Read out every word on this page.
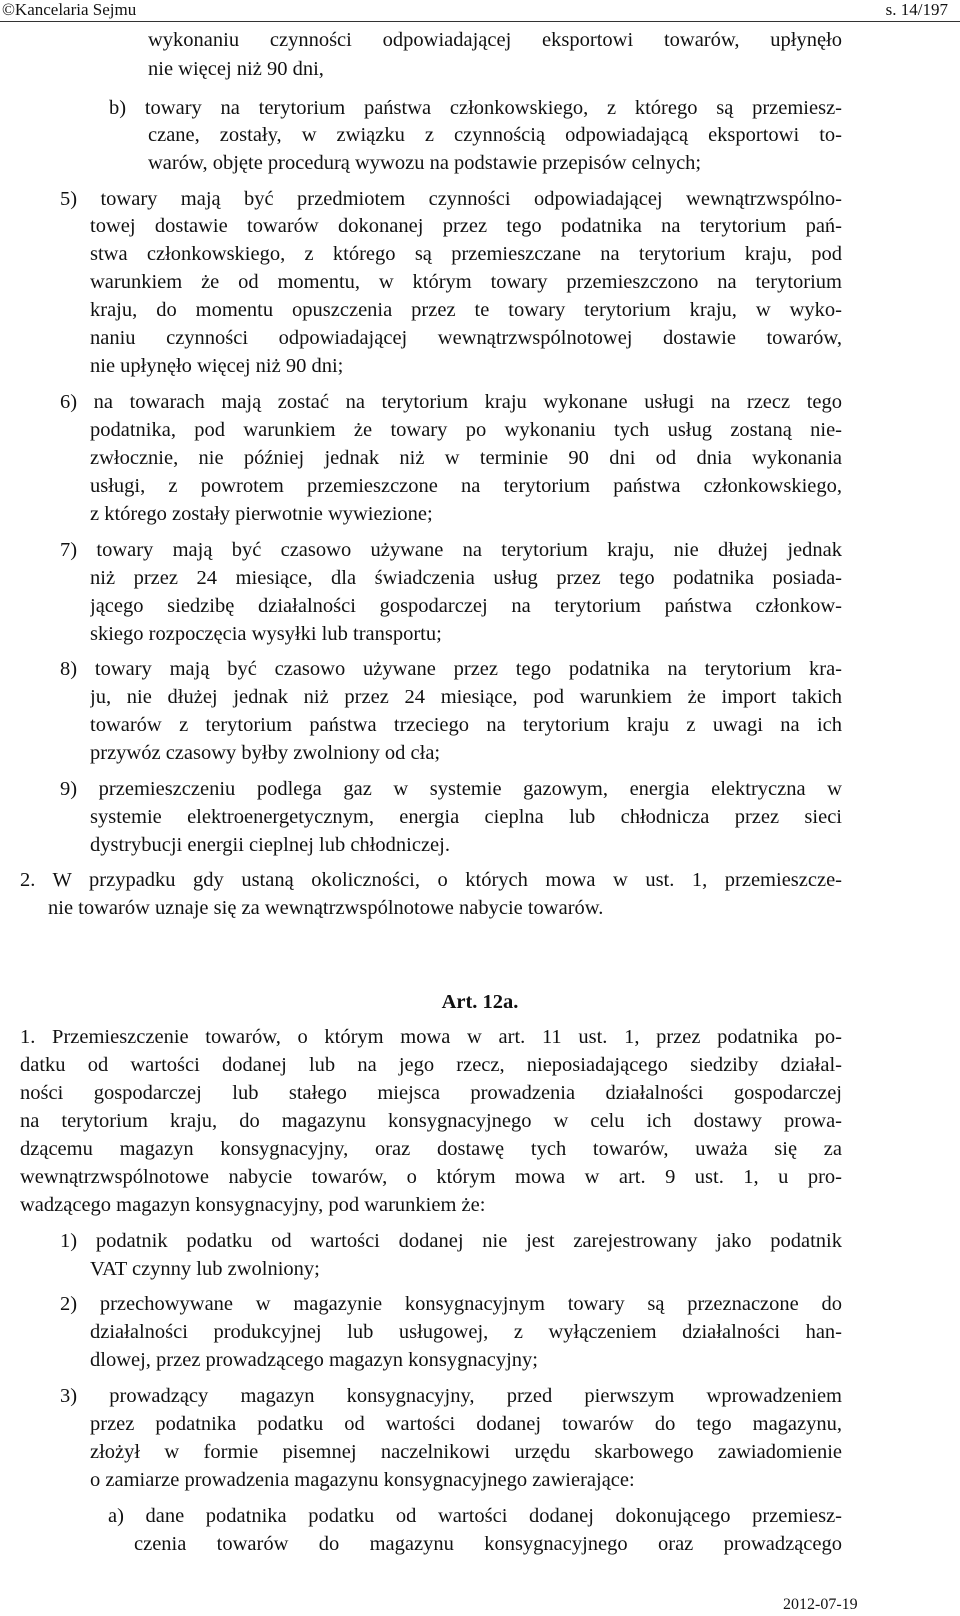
©Kancelaria Sejmu	s. 14/197
wykonaniu czynności odpowiadającej eksportowi towarów, upłynęło
nie więcej niż 90 dni,
b) towary na terytorium państwa członkowskiego, z którego są przemiesz-
czane, zostały, w związku z czynnością odpowiadającą eksportowi to-
warów, objęte procedurą wywozu na podstawie przepisów celnych;
5) towary mają być przedmiotem czynności odpowiadającej wewnątrzwspólno-
towej dostawie towarów dokonanej przez tego podatnika na terytorium pań-
stwa członkowskiego, z którego są przemieszczane na terytorium kraju, pod
warunkiem że od momentu, w którym towary przemieszczono na terytorium
kraju, do momentu opuszczenia przez te towary terytorium kraju, w wyko-
naniu czynności odpowiadającej wewnątrzwspólnotowej dostawie towarów,
nie upłynęło więcej niż 90 dni;
6) na towarach mają zostać na terytorium kraju wykonane usługi na rzecz tego
podatnika, pod warunkiem że towary po wykonaniu tych usług zostaną nie-
zwłocznie, nie później jednak niż w terminie 90 dni od dnia wykonania
usługi, z powrotem przemieszczone na terytorium państwa członkowskiego,
z którego zostały pierwotnie wywiezione;
7) towary mają być czasowo używane na terytorium kraju, nie dłużej jednak
niż przez 24 miesiące, dla świadczenia usług przez tego podatnika posiada-
jącego siedzibę działalności gospodarczej na terytorium państwa członkow-
skiego rozpoczęcia wysyłki lub transportu;
8) towary mają być czasowo używane przez tego podatnika na terytorium kra-
ju, nie dłużej jednak niż przez 24 miesiące, pod warunkiem że import takich
towarów z terytorium państwa trzeciego na terytorium kraju z uwagi na ich
przywóz czasowy byłby zwolniony od cła;
9) przemieszczeniu podlega gaz w systemie gazowym, energia elektryczna w
systemie elektroenergetycznym, energia cieplna lub chłodnicza przez sieci
dystrybucji energii cieplnej lub chłodniczej.
2. W przypadku gdy ustaną okoliczności, o których mowa w ust. 1, przemieszcze-
nie towarów uznaje się za wewnątrzwspólnotowe nabycie towarów.
Art. 12a.
1. Przemieszczenie towarów, o którym mowa w art. 11 ust. 1, przez podatnika po-
datku od wartości dodanej lub na jego rzecz, nieposiadającego siedziby działal-
ności gospodarczej lub stałego miejsca prowadzenia działalności gospodarczej
na terytorium kraju, do magazynu konsygnacyjnego w celu ich dostawy prowa-
dzącemu magazyn konsygnacyjny, oraz dostawę tych towarów, uważa się za
wewnątrzwspólnotowe nabycie towarów, o którym mowa w art. 9 ust. 1, u pro-
wadzącego magazyn konsygnacyjny, pod warunkiem że:
1) podatnik podatku od wartości dodanej nie jest zarejestrowany jako podatnik
VAT czynny lub zwolniony;
2) przechowywane w magazynie konsygnacyjnym towary są przeznaczone do
działalności produkcyjnej lub usługowej, z wyłączeniem działalności han-
dlowej, przez prowadzącego magazyn konsygnacyjny;
3) prowadzący magazyn konsygnacyjny, przed pierwszym wprowadzeniem
przez podatnika podatku od wartości dodanej towarów do tego magazynu,
złożył w formie pisemnej naczelnikowi urzędu skarbowego zawiadomienie
o zamiarze prowadzenia magazynu konsygnacyjnego zawierające:
a) dane podatnika podatku od wartości dodanej dokonującego przemiesz-
czenia towarów do magazynu konsygnacyjnego oraz prowadzącego
2012-07-19
